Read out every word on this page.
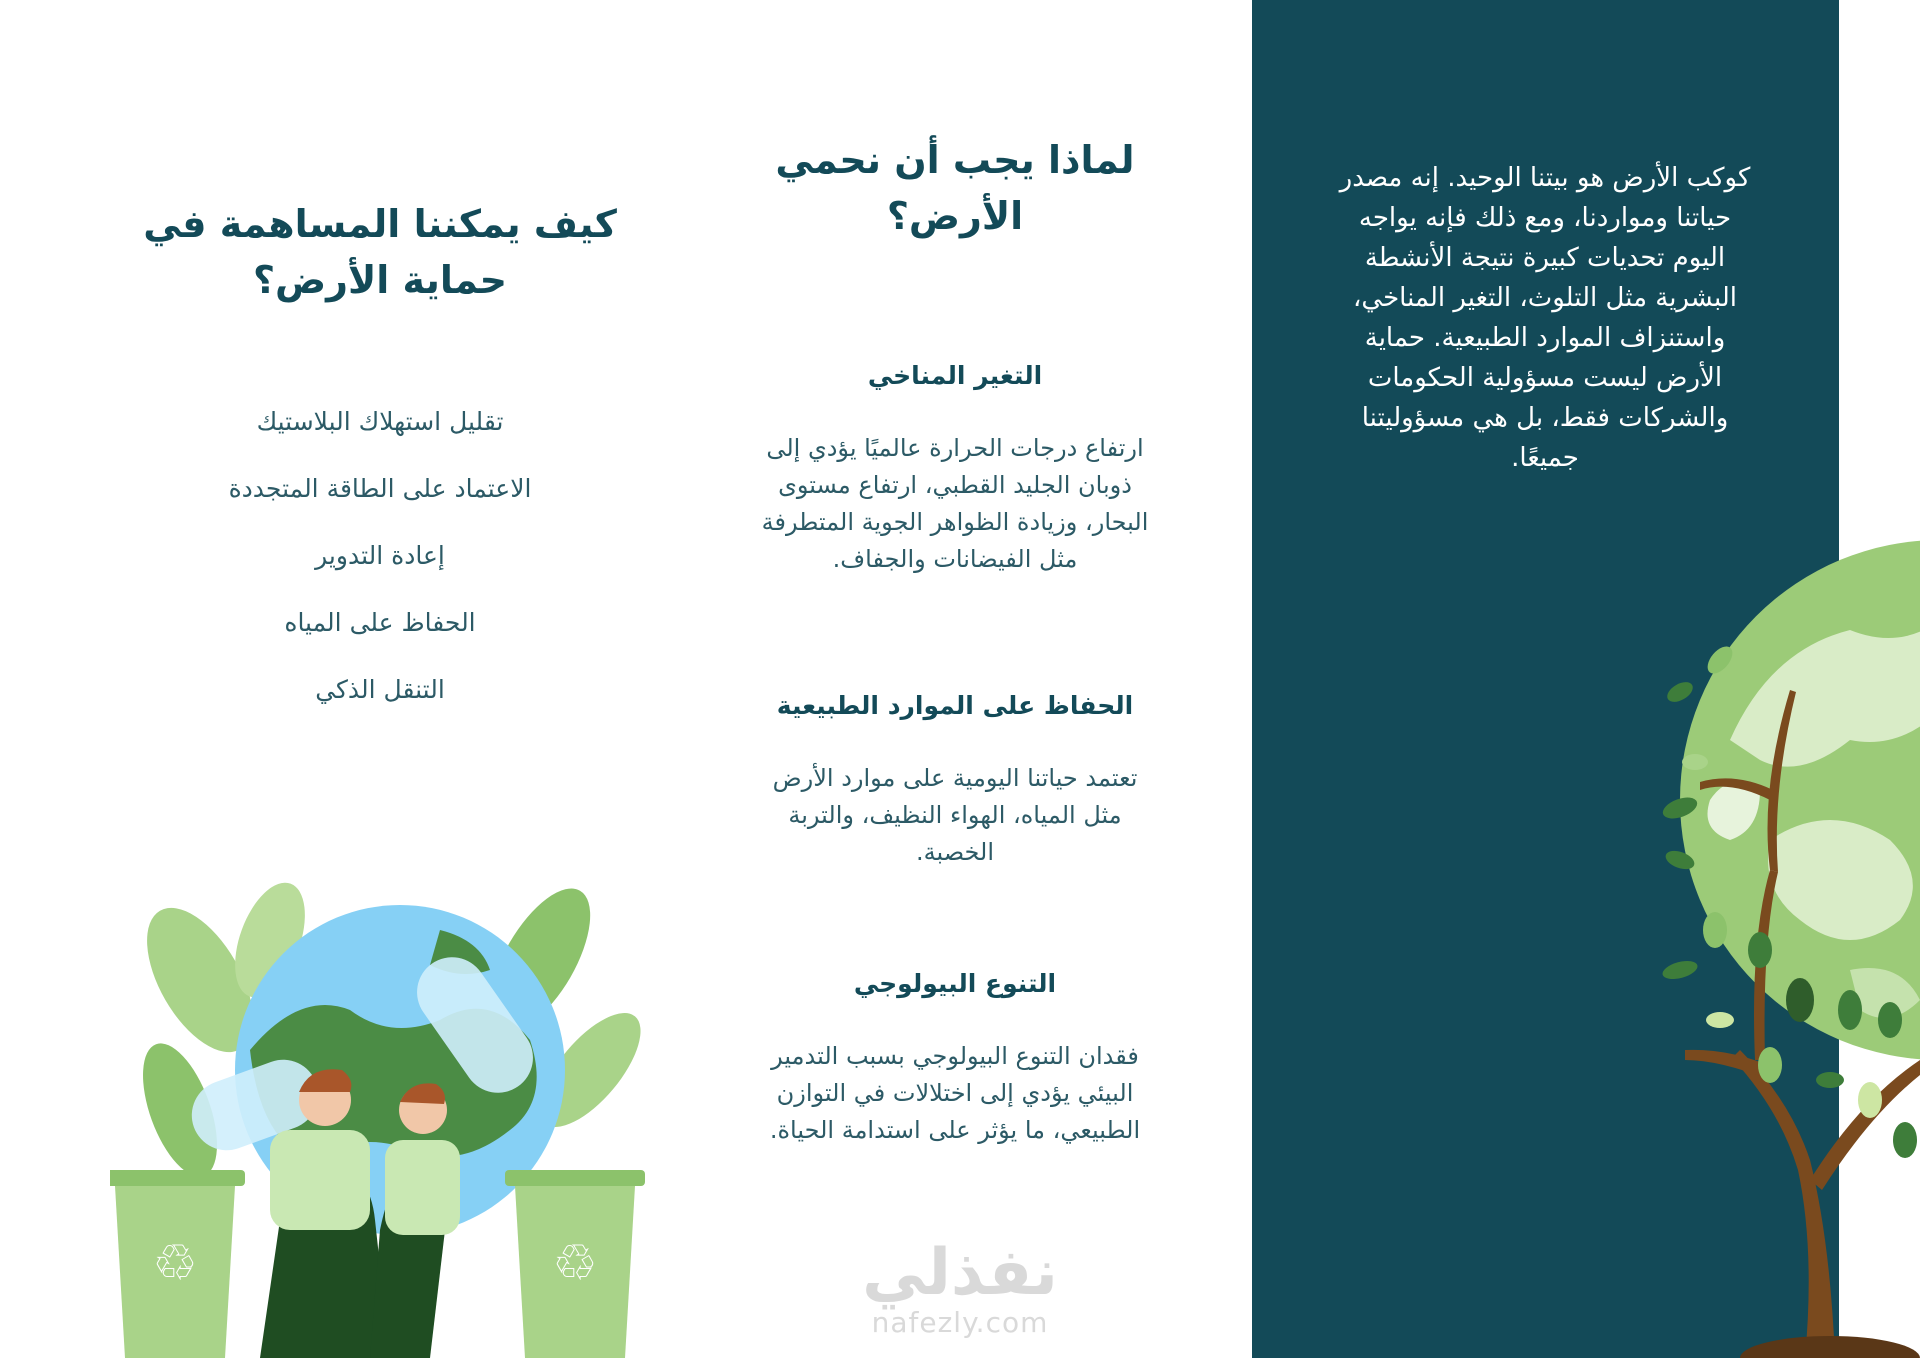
كوكب الأرض هو بيتنا الوحيد. إنه مصدر حياتنا ومواردنا، ومع ذلك فإنه يواجه اليوم تحديات كبيرة نتيجة الأنشطة البشرية مثل التلوث، التغير المناخي، واستنزاف الموارد الطبيعية. حماية الأرض ليست مسؤولية الحكومات والشركات فقط، بل هي مسؤوليتنا جميعًا.

لماذا يجب أن نحمي الأرض؟
التغير المناخي

ارتفاع درجات الحرارة عالميًا يؤدي إلى ذوبان الجليد القطبي، ارتفاع مستوى البحار، وزيادة الظواهر الجوية المتطرفة مثل الفيضانات والجفاف.

الحفاظ على الموارد الطبيعية

تعتمد حياتنا اليومية على موارد الأرض مثل المياه، الهواء النظيف، والتربة الخصبة.

التنوع البيولوجي

فقدان التنوع البيولوجي بسبب التدمير البيئي يؤدي إلى اختلالات في التوازن الطبيعي، ما يؤثر على استدامة الحياة.

كيف يمكننا المساهمة في حماية الأرض؟
تقليل استهلاك البلاستيك
الاعتماد على الطاقة المتجددة
إعادة التدوير
الحفاظ على المياه
التنقل الذكي
♲	♲	نفذلي
nafezly.com
